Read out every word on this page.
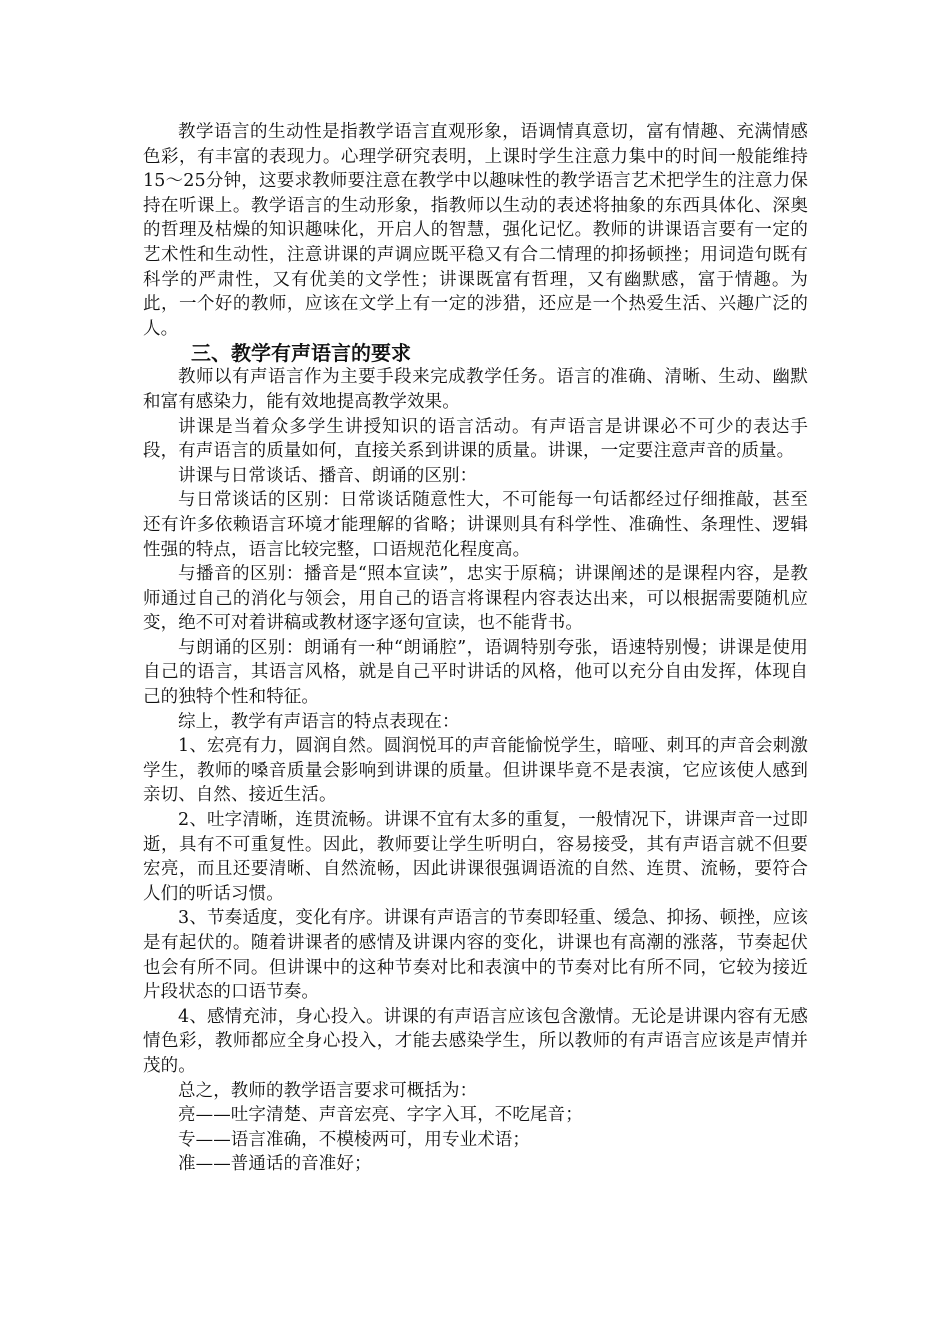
教学语言的生动性是指教学语言直观形象，语调情真意切，富有情趣、充满情感色彩，有丰富的表现力。心理学研究表明，上课时学生注意力集中的时间一般能维持15～25分钟，这要求教师要注意在教学中以趣味性的教学语言艺术把学生的注意力保持在听课上。教学语言的生动形象，指教师以生动的表述将抽象的东西具体化、深奥的哲理及枯燥的知识趣味化，开启人的智慧，强化记忆。教师的讲课语言要有一定的艺术性和生动性，注意讲课的声调应既平稳又有合二情理的抑扬顿挫；用词造句既有科学的严肃性，又有优美的文学性；讲课既富有哲理，又有幽默感，富于情趣。为此，一个好的教师，应该在文学上有一定的涉猎，还应是一个热爱生活、兴趣广泛的人。

三、教学有声语言的要求

教师以有声语言作为主要手段来完成教学任务。语言的准确、清晰、生动、幽默和富有感染力，能有效地提高教学效果。

讲课是当着众多学生讲授知识的语言活动。有声语言是讲课必不可少的表达手段，有声语言的质量如何，直接关系到讲课的质量。讲课，一定要注意声音的质量。

讲课与日常谈话、播音、朗诵的区别：

与日常谈话的区别：日常谈话随意性大，不可能每一句话都经过仔细推敲，甚至还有许多依赖语言环境才能理解的省略；讲课则具有科学性、准确性、条理性、逻辑性强的特点，语言比较完整，口语规范化程度高。

与播音的区别：播音是“照本宣读”，忠实于原稿；讲课阐述的是课程内容，是教师通过自己的消化与领会，用自己的语言将课程内容表达出来，可以根据需要随机应变，绝不可对着讲稿或教材逐字逐句宣读，也不能背书。

与朗诵的区别：朗诵有一种“朗诵腔”，语调特别夸张，语速特别慢；讲课是使用自己的语言，其语言风格，就是自己平时讲话的风格，他可以充分自由发挥，体现自己的独特个性和特征。

综上，教学有声语言的特点表现在：

1、宏亮有力，圆润自然。圆润悦耳的声音能愉悦学生，暗哑、刺耳的声音会刺激学生，教师的嗓音质量会影响到讲课的质量。但讲课毕竟不是表演，它应该使人感到亲切、自然、接近生活。

2、吐字清晰，连贯流畅。讲课不宜有太多的重复，一般情况下，讲课声音一过即逝，具有不可重复性。因此，教师要让学生听明白，容易接受，其有声语言就不但要宏亮，而且还要清晰、自然流畅，因此讲课很强调语流的自然、连贯、流畅，要符合人们的听话习惯。

3、节奏适度，变化有序。讲课有声语言的节奏即轻重、缓急、抑扬、顿挫，应该是有起伏的。随着讲课者的感情及讲课内容的变化，讲课也有高潮的涨落，节奏起伏也会有所不同。但讲课中的这种节奏对比和表演中的节奏对比有所不同，它较为接近片段状态的口语节奏。

4、感情充沛，身心投入。讲课的有声语言应该包含激情。无论是讲课内容有无感情色彩，教师都应全身心投入，才能去感染学生，所以教师的有声语言应该是声情并茂的。

总之，教师的教学语言要求可概括为：

亮——吐字清楚、声音宏亮、字字入耳，不吃尾音；

专——语言准确，不模棱两可，用专业术语；

准——普通话的音准好；
